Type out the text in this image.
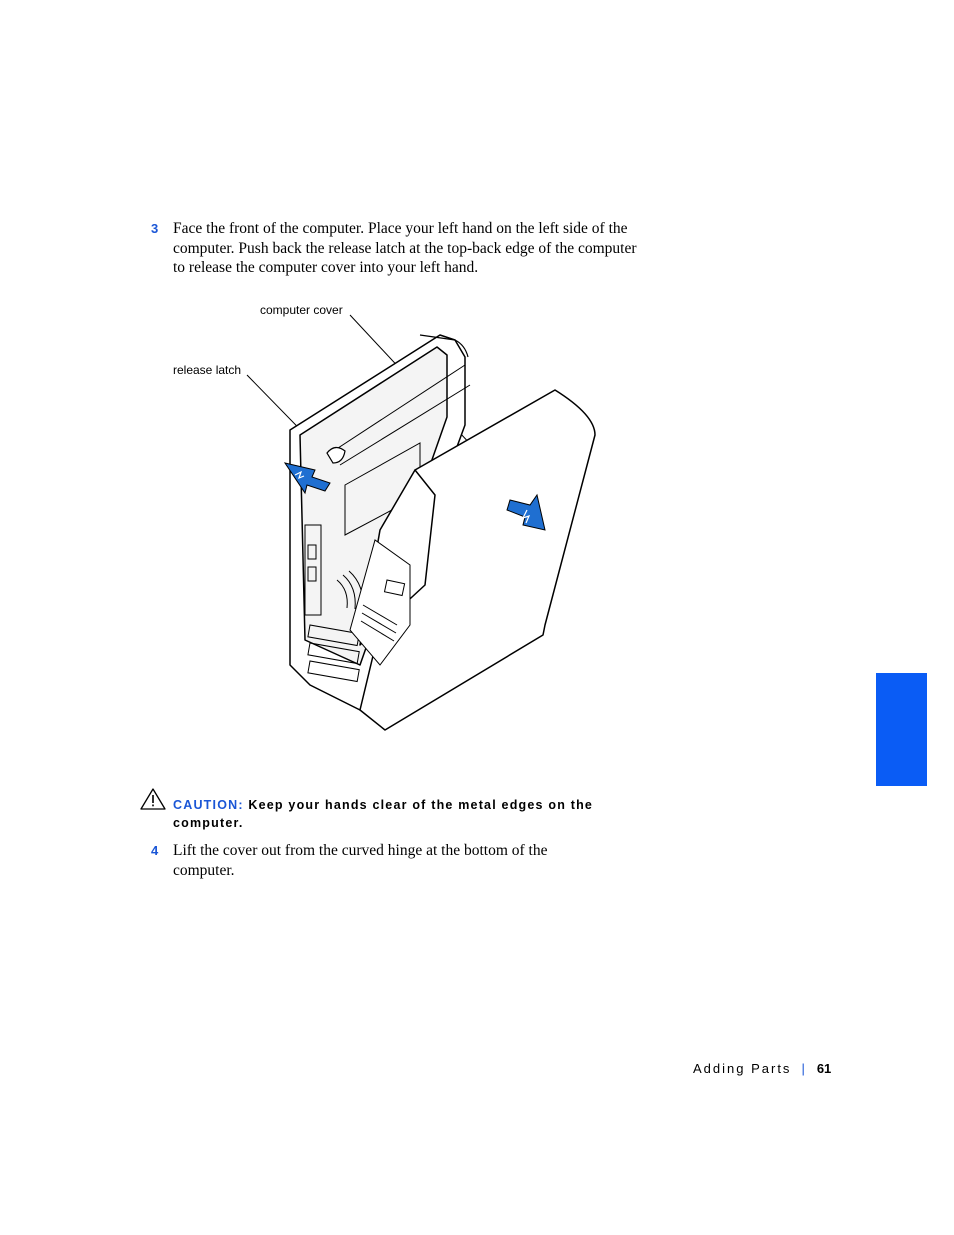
3 Face the front of the computer. Place your left hand on the left side of the computer. Push back the release latch at the top-back edge of the computer to release the computer cover into your left hand.
computer cover
release latch
CAUTION: Keep your hands clear of the metal edges on the computer.
4 Lift the cover out from the curved hinge at the bottom of the computer.
Adding Parts | 61
